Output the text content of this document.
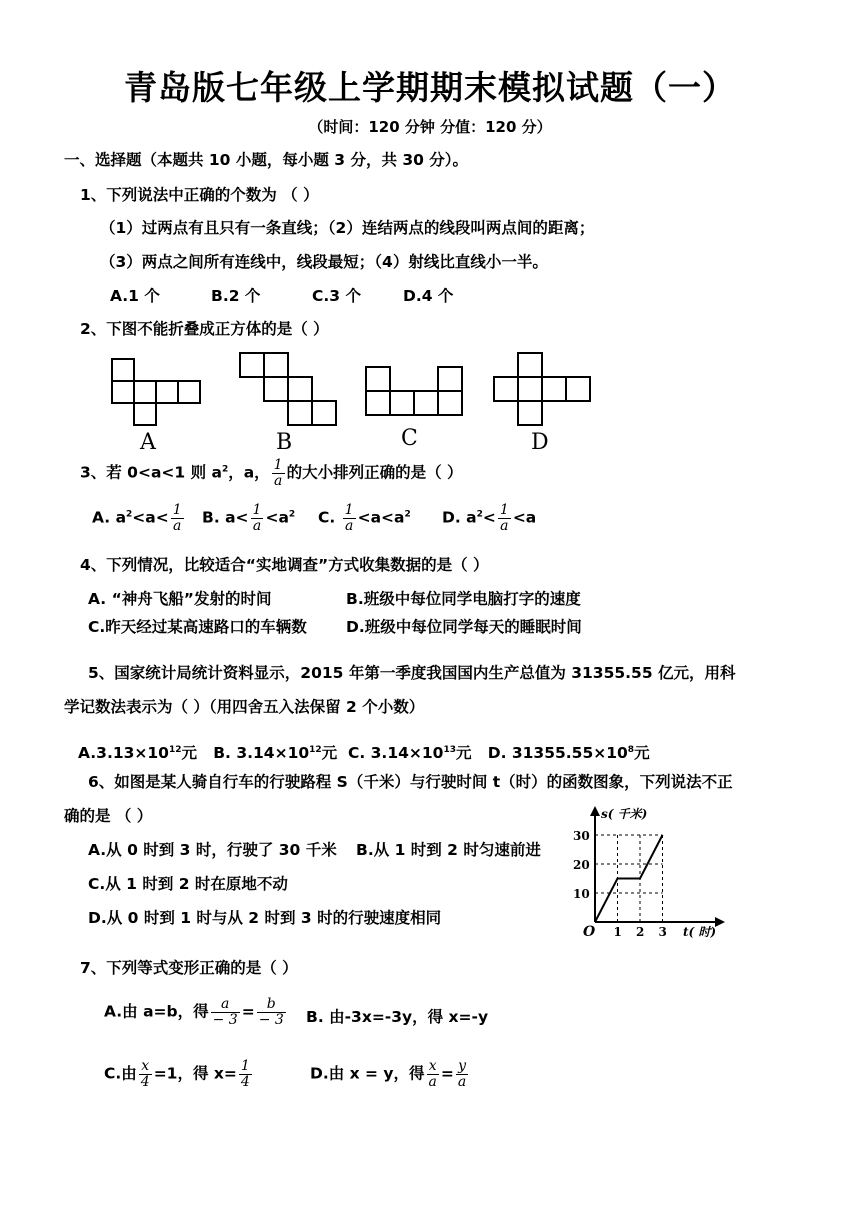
青岛版七年级上学期期末模拟试题（一）
（时间：120 分钟 分值：120 分）
一、选择题（本题共 10 小题，每小题 3 分，共 30 分）。
1、下列说法中正确的个数为 （ ）
（1）过两点有且只有一条直线；（2）连结两点的线段叫两点间的距离；
（3）两点之间所有连线中，线段最短；（4）射线比直线小一半。
A.1 个	B.2 个	C.3 个	D.4 个
2、下图不能折叠成正方体的是（ ）
A	B	C	D
3、若 0<a<1 则 $a^2$，a， $\frac{1}{a}$ 的大小排列正确的是（ ）
A. $a^2<a< \frac{1}{a} B$. $a< \frac{1}{a} <a^2$ C. $\frac{1}{a} <a<a^2$ D. $a^2< \frac{1}{a} <a$
4、下列情况，比较适合“实地调查”方式收集数据的是（ ）
A. “神舟飞船”发射的时间	B.班级中每位同学电脑打字的速度
C.昨天经过某高速路口的车辆数	D.班级中每位同学每天的睡眠时间
5、国家统计局统计资料显示，2015 年第一季度我国国内生产总值为 31355.55 亿元，用科
学记数法表示为（ ）（用四舍五入法保留 2 个小数）
$A.3.13\times 10^{12}$元 B. $3.14\times 10^{12}$元 C. $3.14\times 10^{13}$元 D. $31355.55\times 10^8$元
6、如图是某人骑自行车的行驶路程 S（千米）与行驶时间 t（时）的函数图象，下列说法不正
确的是 （ ）
A.从 0 时到 3 时，行驶了 30 千米 B.从 1 时到 2 时匀速前进
C.从 1 时到 2 时在原地不动
D.从 0 时到 1 时与从 2 时到 3 时的行驶速度相同
s( 千米)
t( 时)
O 1 2 3
10
20
30
7、下列等式变形正确的是（ ）
A.由 a=b，得 $\frac{a}{- 3} = \frac{b}{- 3} B$. 由-3x=-3y，得 x=-y
C.由 $\frac{x}{4} =1$，得 $x= \frac{1}{4}$	D.由 x = y，得 $\frac{x}{a} = \frac{y}{a}$
